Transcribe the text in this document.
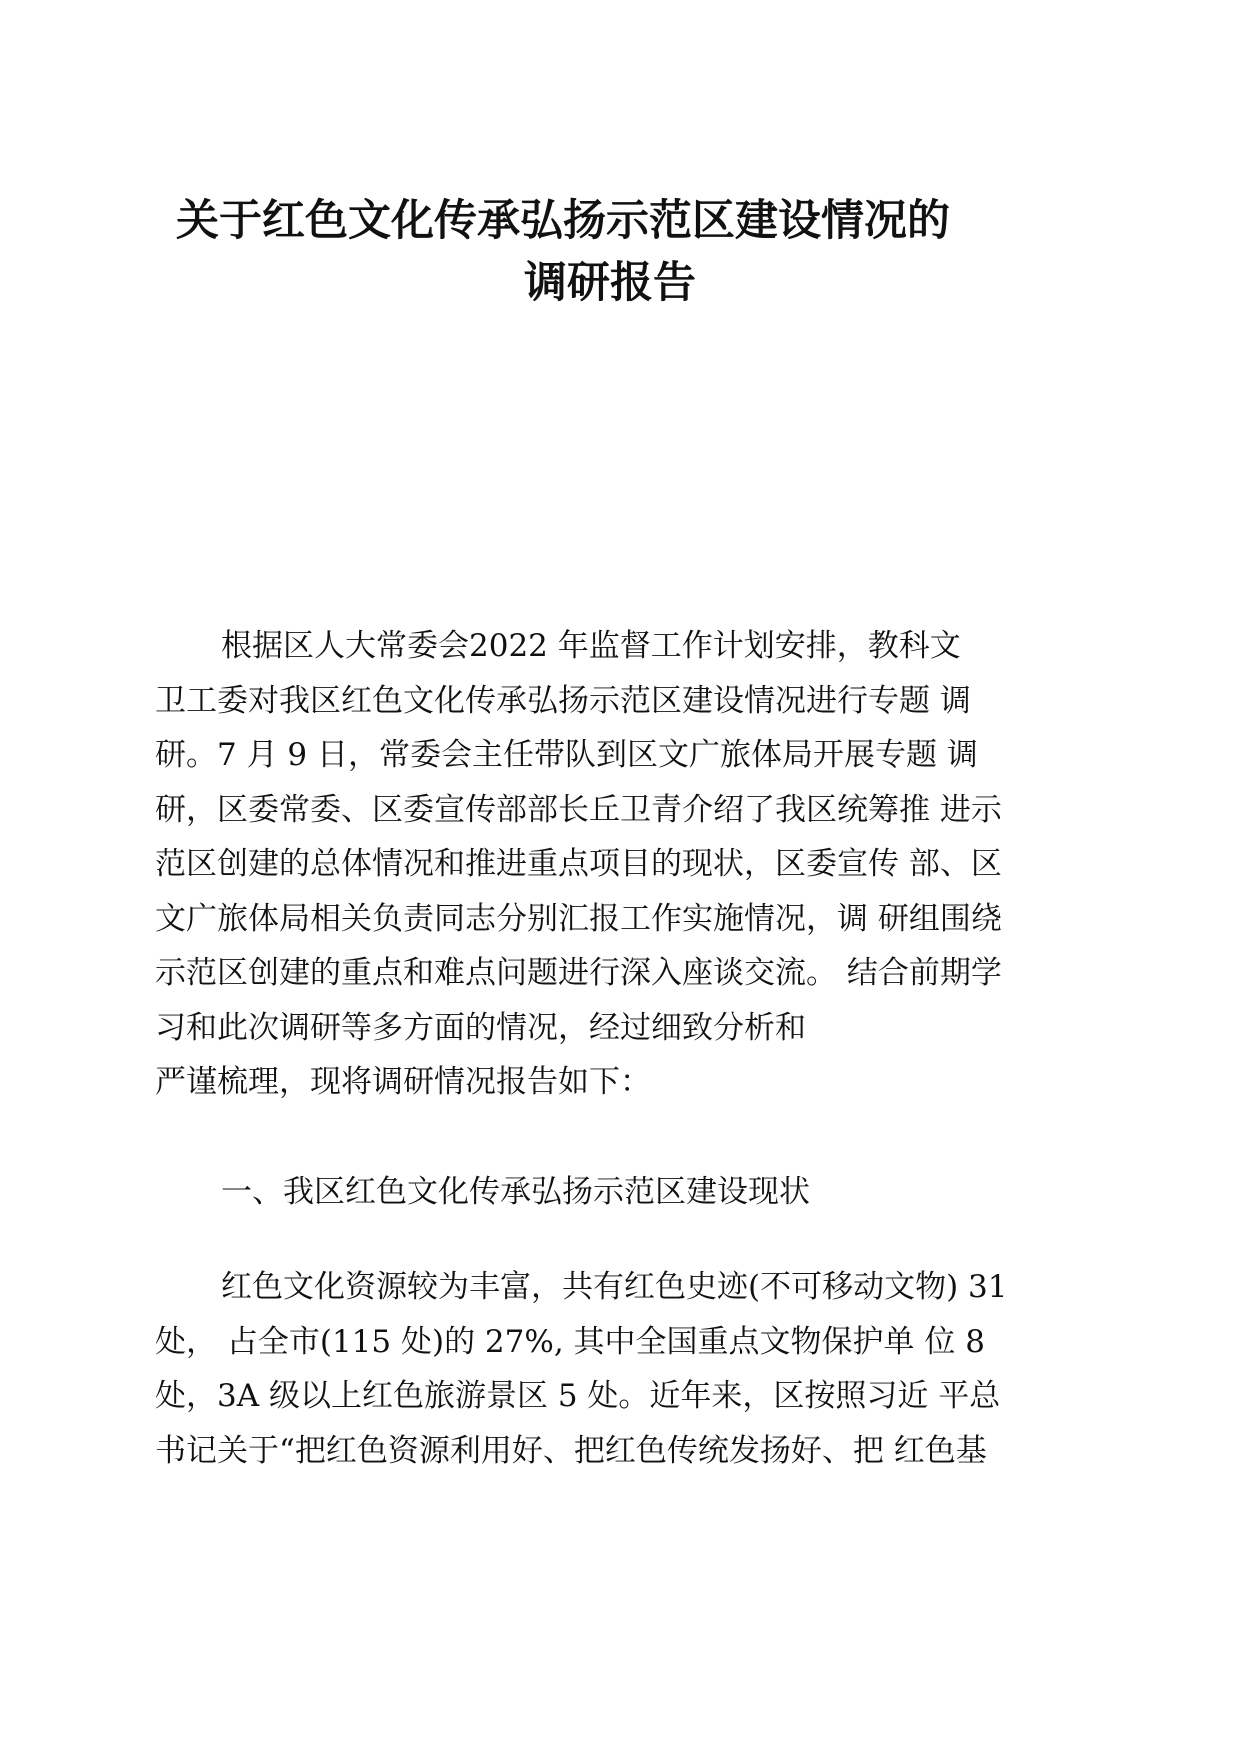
关于红色文化传承弘扬示范区建设情况的
调研报告
根据区人大常委会2022 年监督工作计划安排，教科文
卫工委对我区红色文化传承弘扬示范区建设情况进行专题 调
研。7 月 9 日，常委会主任带队到区文广旅体局开展专题 调
研，区委常委、区委宣传部部长丘卫青介绍了我区统筹推 进示
范区创建的总体情况和推进重点项目的现状，区委宣传 部、区
文广旅体局相关负责同志分别汇报工作实施情况，调 研组围绕
示范区创建的重点和难点问题进行深入座谈交流。 结合前期学
习和此次调研等多方面的情况，经过细致分析和
严谨梳理，现将调研情况报告如下：
一、我区红色文化传承弘扬示范区建设现状
红色文化资源较为丰富，共有红色史迹(不可移动文物) 31
处， 占全市(115 处)的 27%, 其中全国重点文物保护单 位 8
处，3A 级以上红色旅游景区 5 处。近年来，区按照习近 平总
书记关于“把红色资源利用好、把红色传统发扬好、把 红色基
